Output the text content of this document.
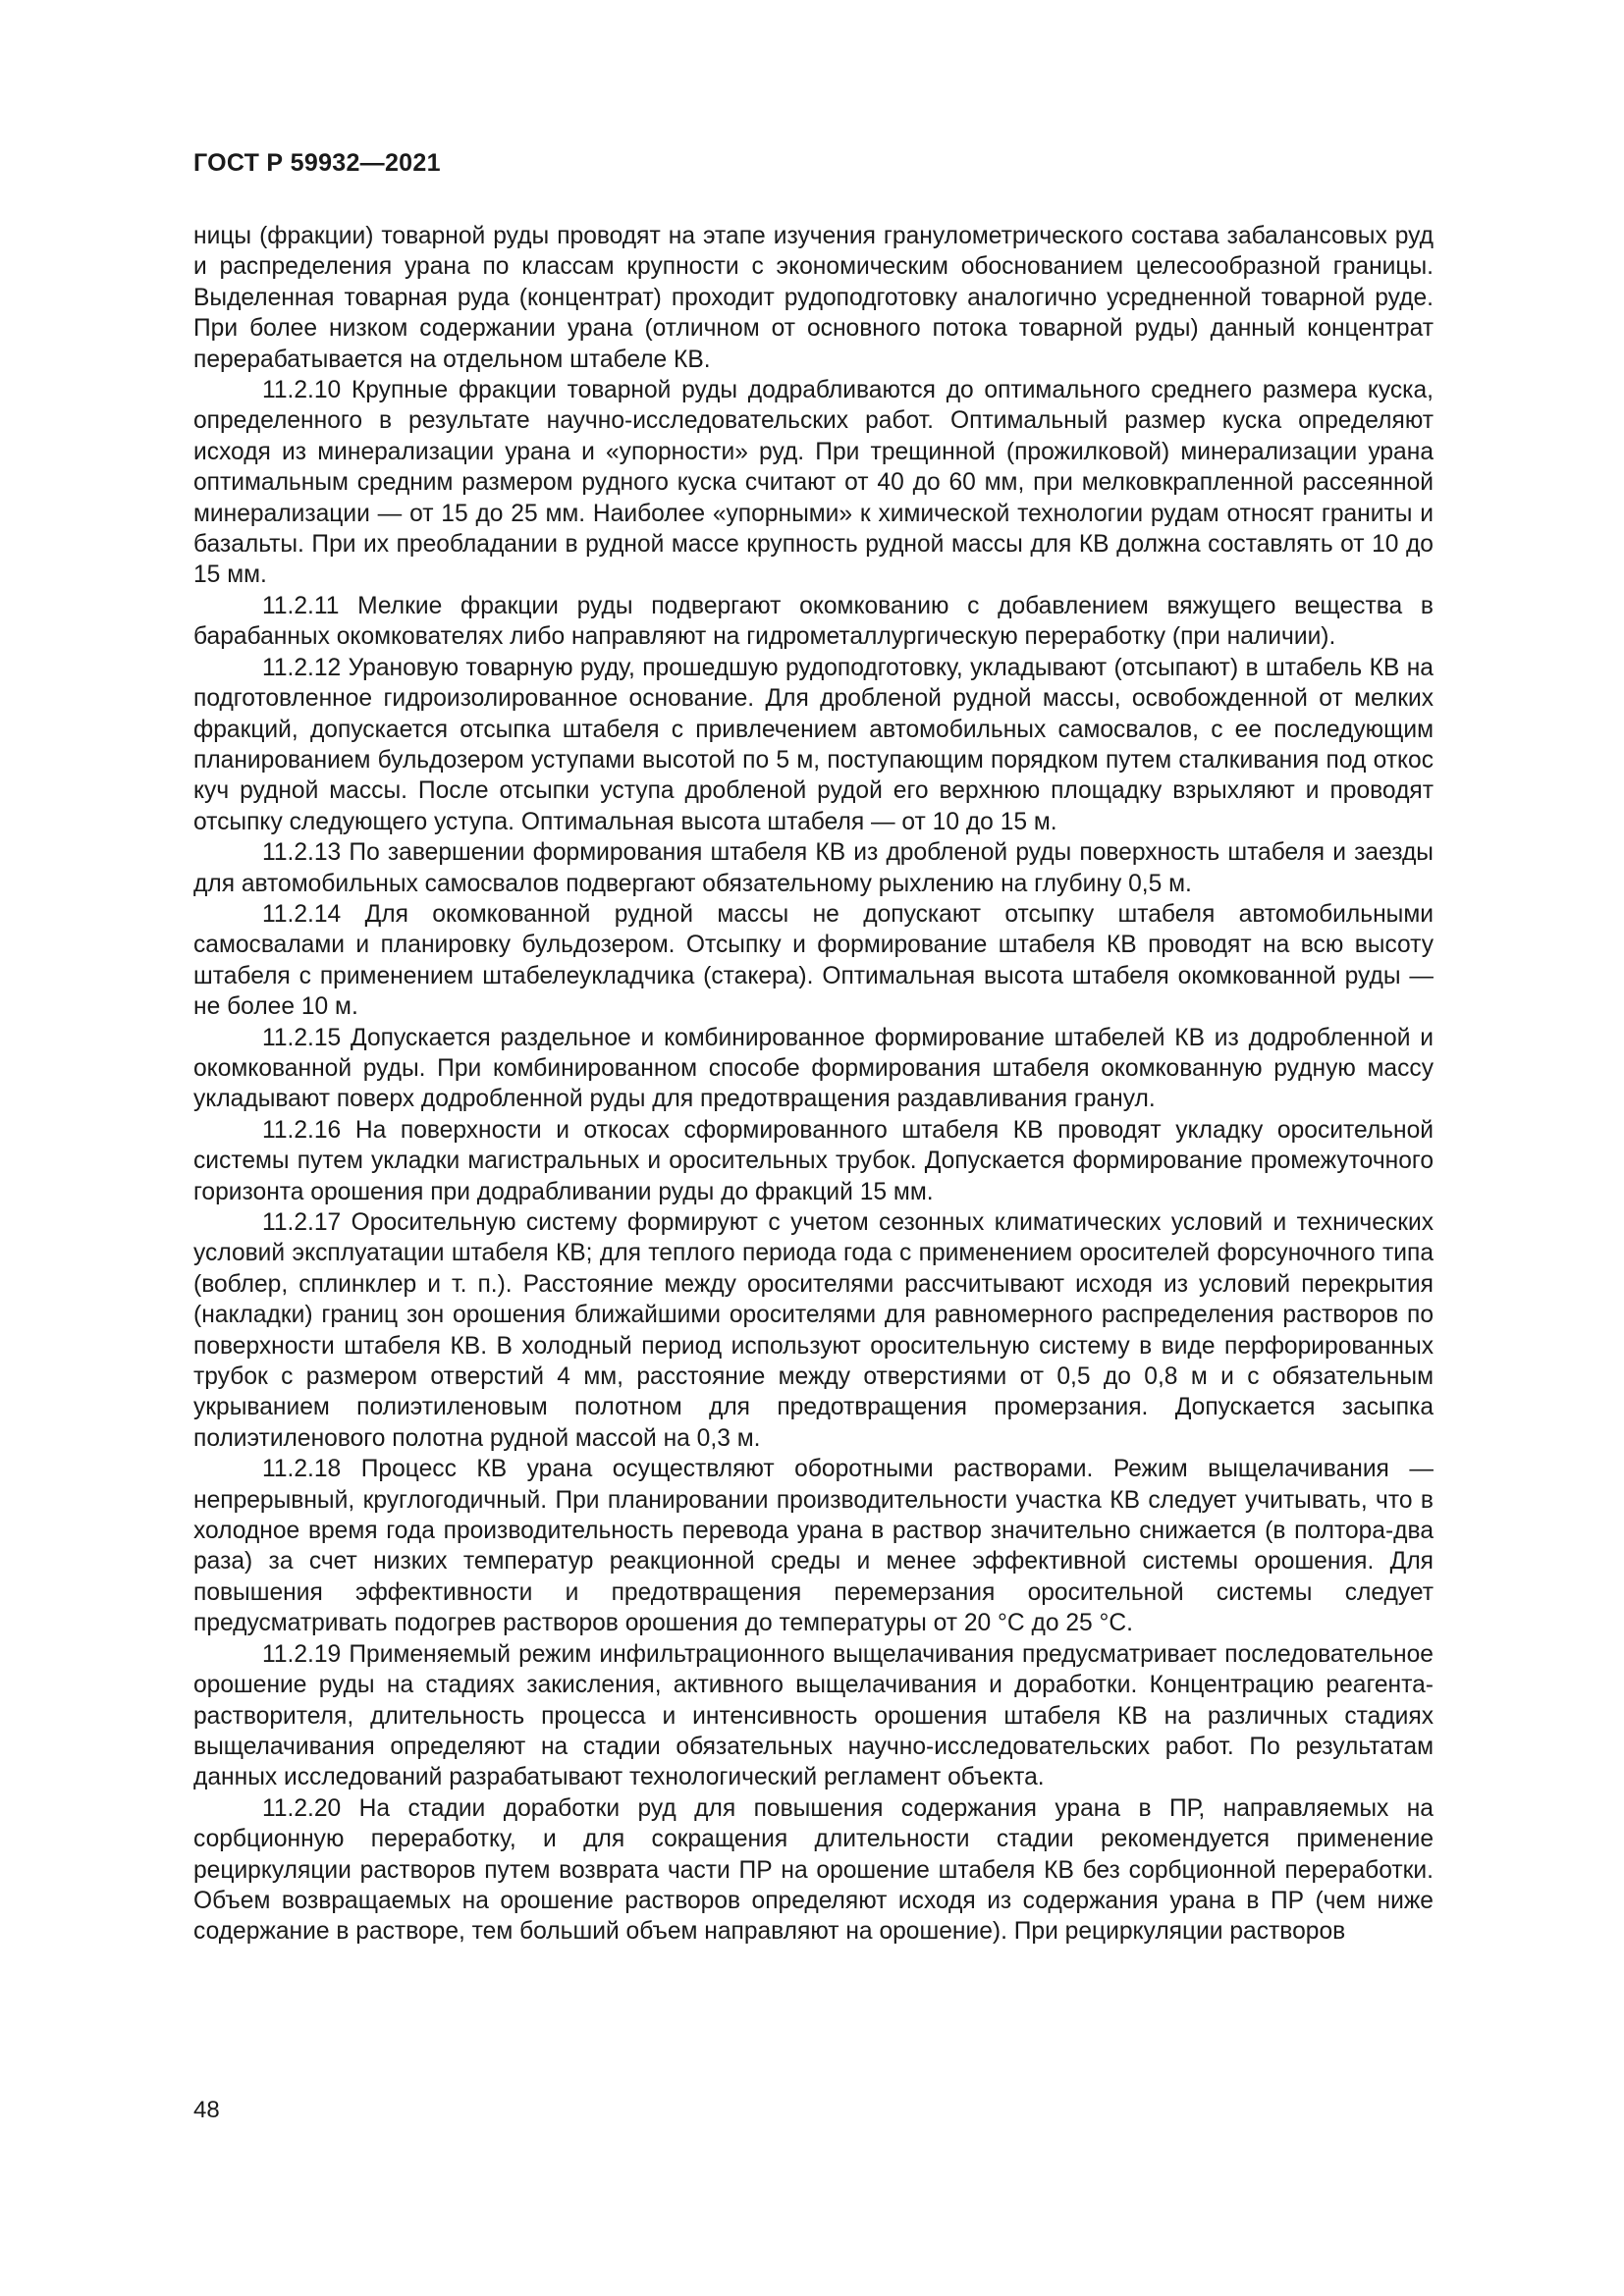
ГОСТ Р 59932—2021

ницы (фракции) товарной руды проводят на этапе изучения гранулометрического состава забалансовых руд и распределения урана по классам крупности с экономическим обоснованием целесообразной границы. Выделенная товарная руда (концентрат) проходит рудоподготовку аналогично усредненной товарной руде. При более низком содержании урана (отличном от основного потока товарной руды) данный концентрат перерабатывается на отдельном штабеле КВ.

11.2.10 Крупные фракции товарной руды додрабливаются до оптимального среднего размера куска, определенного в результате научно-исследовательских работ. Оптимальный размер куска определяют исходя из минерализации урана и «упорности» руд. При трещинной (прожилковой) минерализации урана оптимальным средним размером рудного куска считают от 40 до 60 мм, при мелковкрапленной рассеянной минерализации — от 15 до 25 мм. Наиболее «упорными» к химической технологии рудам относят граниты и базальты. При их преобладании в рудной массе крупность рудной массы для КВ должна составлять от 10 до 15 мм.

11.2.11 Мелкие фракции руды подвергают окомкованию с добавлением вяжущего вещества в барабанных окомкователях либо направляют на гидрометаллургическую переработку (при наличии).

11.2.12 Урановую товарную руду, прошедшую рудоподготовку, укладывают (отсыпают) в штабель КВ на подготовленное гидроизолированное основание. Для дробленой рудной массы, освобожденной от мелких фракций, допускается отсыпка штабеля с привлечением автомобильных самосвалов, с ее последующим планированием бульдозером уступами высотой по 5 м, поступающим порядком путем сталкивания под откос куч рудной массы. После отсыпки уступа дробленой рудой его верхнюю площадку взрыхляют и проводят отсыпку следующего уступа. Оптимальная высота штабеля — от 10 до 15 м.

11.2.13 По завершении формирования штабеля КВ из дробленой руды поверхность штабеля и заезды для автомобильных самосвалов подвергают обязательному рыхлению на глубину 0,5 м.

11.2.14 Для окомкованной рудной массы не допускают отсыпку штабеля автомобильными самосвалами и планировку бульдозером. Отсыпку и формирование штабеля КВ проводят на всю высоту штабеля с применением штабелеукладчика (стакера). Оптимальная высота штабеля окомкованной руды — не более 10 м.

11.2.15 Допускается раздельное и комбинированное формирование штабелей КВ из додробленной и окомкованной руды. При комбинированном способе формирования штабеля окомкованную рудную массу укладывают поверх додробленной руды для предотвращения раздавливания гранул.

11.2.16 На поверхности и откосах сформированного штабеля КВ проводят укладку оросительной системы путем укладки магистральных и оросительных трубок. Допускается формирование промежуточного горизонта орошения при додрабливании руды до фракций 15 мм.

11.2.17 Оросительную систему формируют с учетом сезонных климатических условий и технических условий эксплуатации штабеля КВ; для теплого периода года с применением оросителей форсуночного типа (воблер, сплинклер и т. п.). Расстояние между оросителями рассчитывают исходя из условий перекрытия (накладки) границ зон орошения ближайшими оросителями для равномерного распределения растворов по поверхности штабеля КВ. В холодный период используют оросительную систему в виде перфорированных трубок с размером отверстий 4 мм, расстояние между отверстиями от 0,5 до 0,8 м и с обязательным укрыванием полиэтиленовым полотном для предотвращения промерзания. Допускается засыпка полиэтиленового полотна рудной массой на 0,3 м.

11.2.18 Процесс КВ урана осуществляют оборотными растворами. Режим выщелачивания — непрерывный, круглогодичный. При планировании производительности участка КВ следует учитывать, что в холодное время года производительность перевода урана в раствор значительно снижается (в полтора-два раза) за счет низких температур реакционной среды и менее эффективной системы орошения. Для повышения эффективности и предотвращения перемерзания оросительной системы следует предусматривать подогрев растворов орошения до температуры от 20 °С до 25 °С.

11.2.19 Применяемый режим инфильтрационного выщелачивания предусматривает последовательное орошение руды на стадиях закисления, активного выщелачивания и доработки. Концентрацию реагента-растворителя, длительность процесса и интенсивность орошения штабеля КВ на различных стадиях выщелачивания определяют на стадии обязательных научно-исследовательских работ. По результатам данных исследований разрабатывают технологический регламент объекта.

11.2.20 На стадии доработки руд для повышения содержания урана в ПР, направляемых на сорбционную переработку, и для сокращения длительности стадии рекомендуется применение рециркуляции растворов путем возврата части ПР на орошение штабеля КВ без сорбционной переработки. Объем возвращаемых на орошение растворов определяют исходя из содержания урана в ПР (чем ниже содержание в растворе, тем больший объем направляют на орошение). При рециркуляции растворов

48
